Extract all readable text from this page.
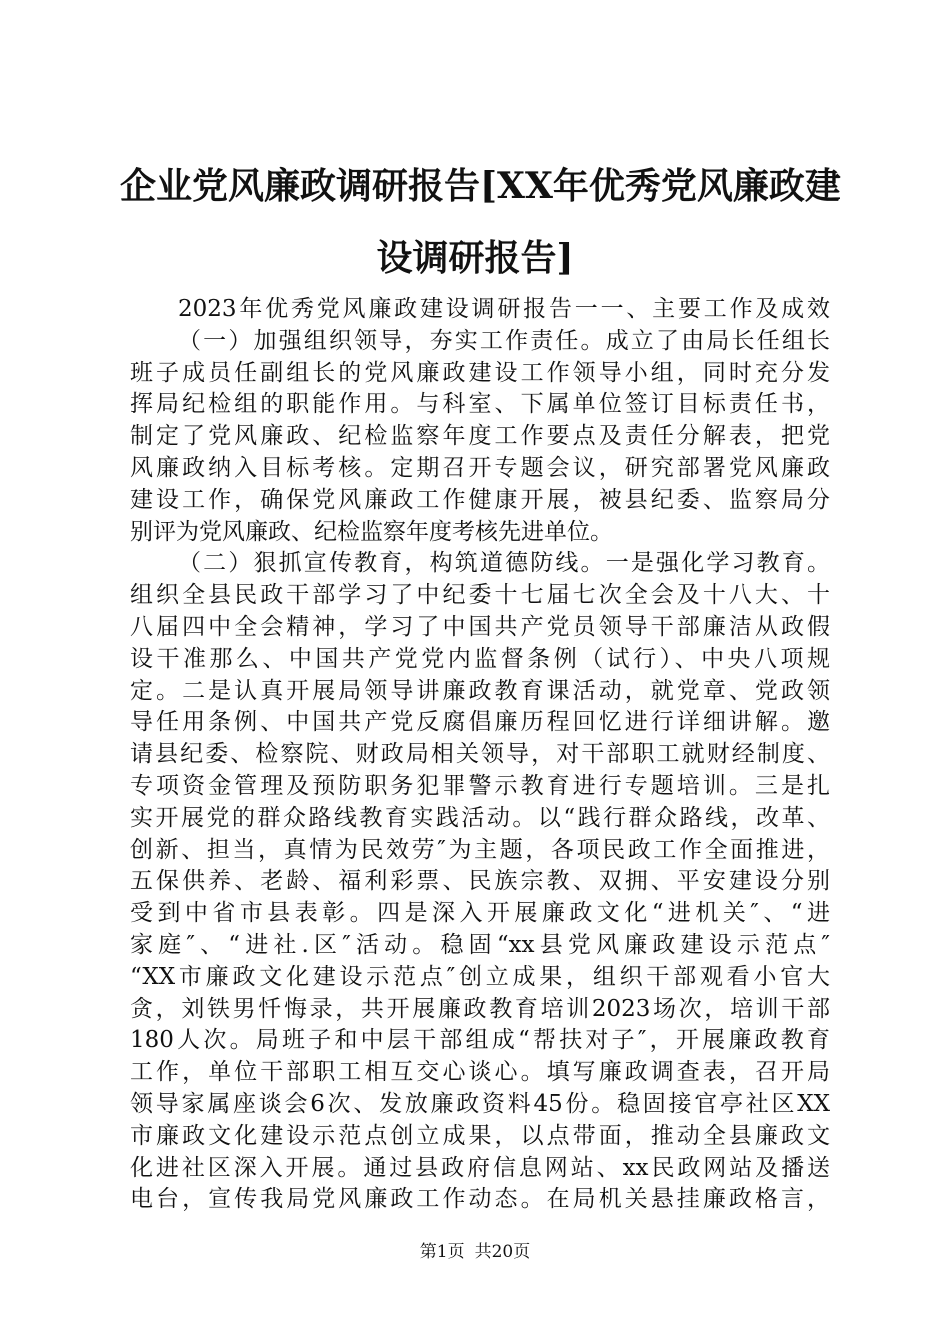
企业党风廉政调研报告[XX年优秀党风廉政建
设调研报告]
2023年优秀党风廉政建设调研报告一一、主要工作及成效
（一）加强组织领导，夯实工作责任。成立了由局长任组长
班子成员任副组长的党风廉政建设工作领导小组，同时充分发
挥局纪检组的职能作用。与科室、下属单位签订目标责任书，
制定了党风廉政、纪检监察年度工作要点及责任分解表，把党
风廉政纳入目标考核。定期召开专题会议，研究部署党风廉政
建设工作，确保党风廉政工作健康开展，被县纪委、监察局分
别评为党风廉政、纪检监察年度考核先进单位。
（二）狠抓宣传教育，构筑道德防线。一是强化学习教育。
组织全县民政干部学习了中纪委十七届七次全会及十八大、十
八届四中全会精神，学习了中国共产党员领导干部廉洁从政假
设干准那么、中国共产党党内监督条例（试行）、中央八项规
定。二是认真开展局领导讲廉政教育课活动，就党章、党政领
导任用条例、中国共产党反腐倡廉历程回忆进行详细讲解。邀
请县纪委、检察院、财政局相关领导，对干部职工就财经制度、
专项资金管理及预防职务犯罪警示教育进行专题培训。三是扎
实开展党的群众路线教育实践活动。以“践行群众路线，改革、
创新、担当，真情为民效劳″为主题，各项民政工作全面推进，
五保供养、老龄、福利彩票、民族宗教、双拥、平安建设分别
受到中省市县表彰。四是深入开展廉政文化“进机关″、“进
家庭″、“进社.区″活动。稳固“xx县党风廉政建设示范点″
“XX市廉政文化建设示范点″创立成果，组织干部观看小官大
贪，刘铁男忏悔录，共开展廉政教育培训2023场次，培训干部
180人次。局班子和中层干部组成“帮扶对子″，开展廉政教育
工作，单位干部职工相互交心谈心。填写廉政调查表，召开局
领导家属座谈会6次、发放廉政资料45份。稳固接官亭社区XX
市廉政文化建设示范点创立成果，以点带面，推动全县廉政文
化进社区深入开展。通过县政府信息网站、xx民政网站及播送
电台，宣传我局党风廉政工作动态。在局机关悬挂廉政格言，
第1页 共20页
